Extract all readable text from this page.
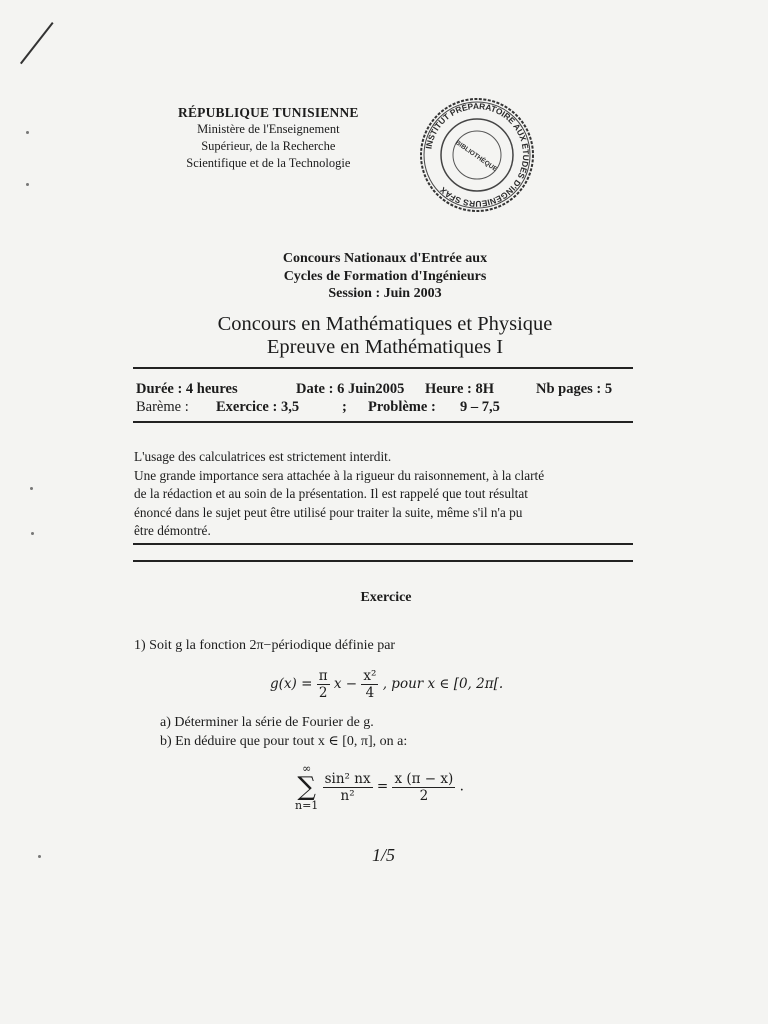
RÉPUBLIQUE TUNISIENNE
Ministère de l'Enseignement
Supérieur, de la Recherche
Scientifique et de la Technologie
INSTITUT PRÉPARATOIRE AUX ÉTUDES D'INGÉNIEURS SFAX
BIBLIOTHÈQUE
Concours Nationaux d'Entrée aux
Cycles de Formation d'Ingénieurs
Session : Juin 2003
Concours en Mathématiques et Physique
Epreuve en Mathématiques I
Durée : 4 heures	Date : 6 Juin2005 Heure : 8H	Nb pages : 5
Barème : Exercice : 3,5	; Problème : 9 – 7,5
L'usage des calculatrices est strictement interdit.
Une grande importance sera attachée à la rigueur du raisonnement, à la clarté
de la rédaction et au soin de la présentation. Il est rappelé que tout résultat
énoncé dans le sujet peut être utilisé pour traiter la suite, même s'il n'a pu
être démontré.
Exercice
1) Soit g la fonction 2π−périodique définie par
$g(x) = \frac{\pi}{2}$ $x - \frac{\text{x²}}{4}$ , pour x ∈ [0, 2π[.
a) Déterminer la série de Fourier de g.
b) En déduire que pour tout x ∈ [0, π], on a:
∞
∑
n=1
$\frac{\text{sin² nx}}{\text{n²}} = \frac{x (\pi - x)}{2}$ .
1/5
